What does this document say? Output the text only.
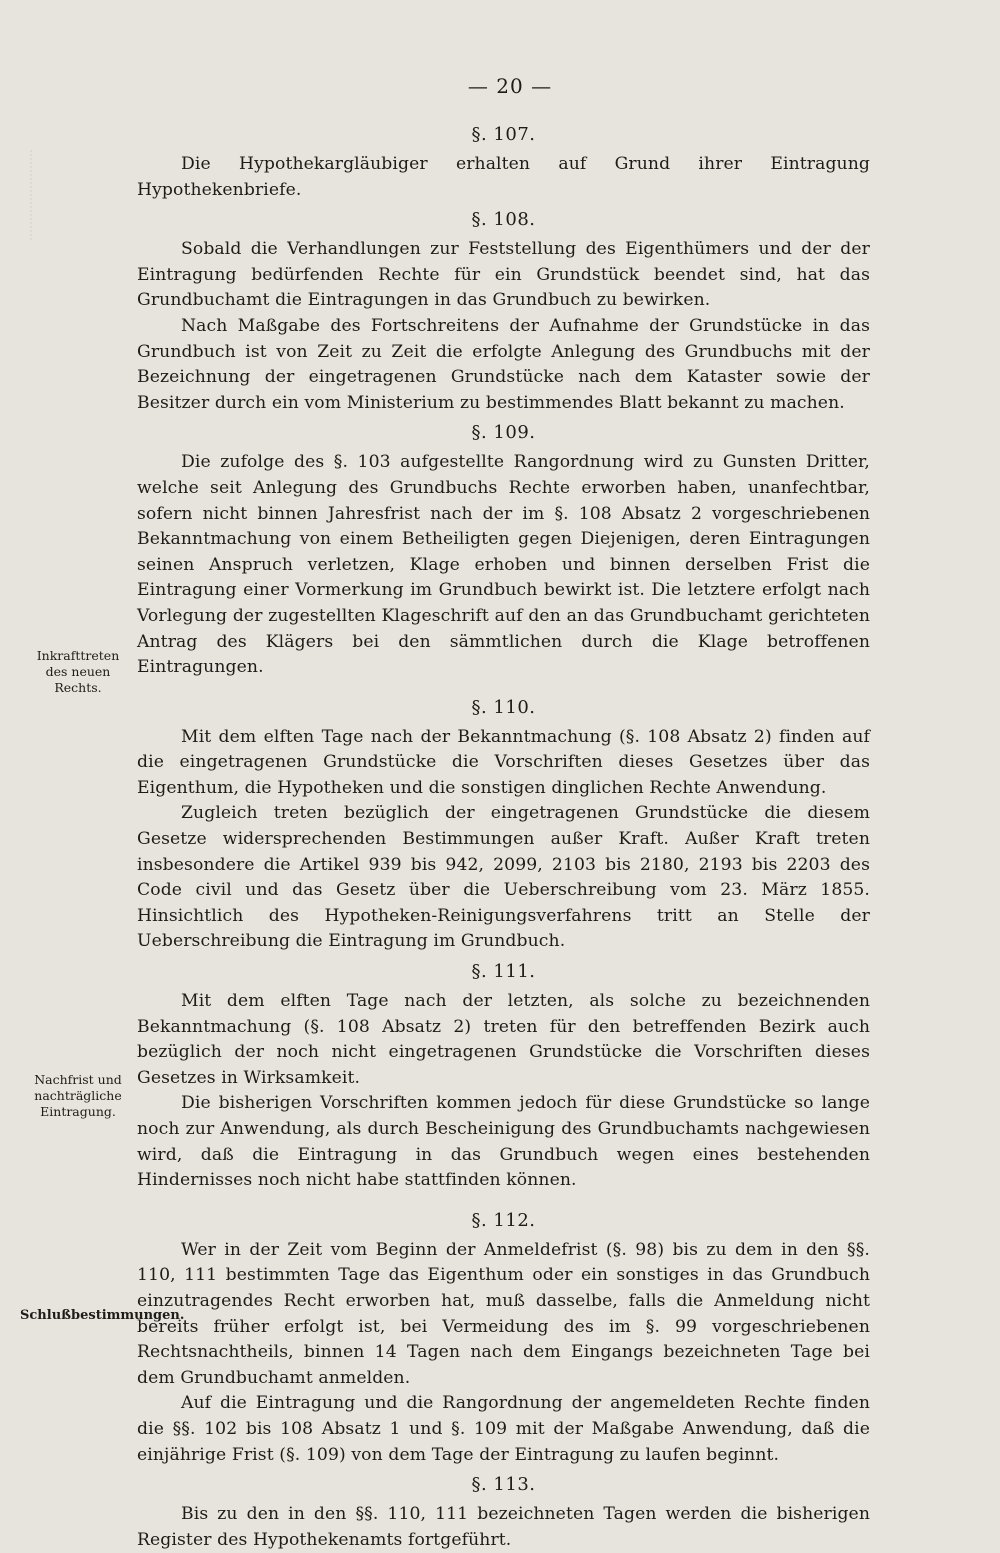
— 20 —
Inkrafttreten des neuen Rechts.
Nachfrist und nachträgliche Eintragung.
Schlußbestimmungen.
§. 107.

Die Hypothekargläubiger erhalten auf Grund ihrer Eintragung Hypothekenbriefe.

§. 108.

Sobald die Verhandlungen zur Feststellung des Eigenthümers und der der Eintragung bedürfenden Rechte für ein Grundstück beendet sind, hat das Grundbuchamt die Eintragungen in das Grundbuch zu bewirken.

Nach Maßgabe des Fortschreitens der Aufnahme der Grundstücke in das Grundbuch ist von Zeit zu Zeit die erfolgte Anlegung des Grundbuchs mit der Bezeichnung der eingetragenen Grundstücke nach dem Kataster sowie der Besitzer durch ein vom Ministerium zu bestimmendes Blatt bekannt zu machen.

§. 109.

Die zufolge des §. 103 aufgestellte Rangordnung wird zu Gunsten Dritter, welche seit Anlegung des Grundbuchs Rechte erworben haben, unanfechtbar, sofern nicht binnen Jahresfrist nach der im §. 108 Absatz 2 vorgeschriebenen Bekanntmachung von einem Betheiligten gegen Diejenigen, deren Eintragungen seinen Anspruch verletzen, Klage erhoben und binnen derselben Frist die Eintragung einer Vormerkung im Grundbuch bewirkt ist. Die letztere erfolgt nach Vorlegung der zugestellten Klageschrift auf den an das Grundbuchamt gerichteten Antrag des Klägers bei den sämmtlichen durch die Klage betroffenen Eintragungen.

§. 110.

Mit dem elften Tage nach der Bekanntmachung (§. 108 Absatz 2) finden auf die eingetragenen Grundstücke die Vorschriften dieses Gesetzes über das Eigenthum, die Hypotheken und die sonstigen dinglichen Rechte Anwendung.

Zugleich treten bezüglich der eingetragenen Grundstücke die diesem Gesetze widersprechenden Bestimmungen außer Kraft. Außer Kraft treten insbesondere die Artikel 939 bis 942, 2099, 2103 bis 2180, 2193 bis 2203 des Code civil und das Gesetz über die Ueberschreibung vom 23. März 1855. Hinsichtlich des Hypotheken-Reinigungsverfahrens tritt an Stelle der Ueberschreibung die Eintragung im Grundbuch.

§. 111.

Mit dem elften Tage nach der letzten, als solche zu bezeichnenden Bekanntmachung (§. 108 Absatz 2) treten für den betreffenden Bezirk auch bezüglich der noch nicht eingetragenen Grundstücke die Vorschriften dieses Gesetzes in Wirksamkeit.

Die bisherigen Vorschriften kommen jedoch für diese Grundstücke so lange noch zur Anwendung, als durch Bescheinigung des Grundbuchamts nachgewiesen wird, daß die Eintragung in das Grundbuch wegen eines bestehenden Hindernisses noch nicht habe stattfinden können.

§. 112.

Wer in der Zeit vom Beginn der Anmeldefrist (§. 98) bis zu dem in den §§. 110, 111 bestimmten Tage das Eigenthum oder ein sonstiges in das Grundbuch einzutragendes Recht erworben hat, muß dasselbe, falls die Anmeldung nicht bereits früher erfolgt ist, bei Vermeidung des im §. 99 vorgeschriebenen Rechtsnachtheils, binnen 14 Tagen nach dem Eingangs bezeichneten Tage bei dem Grundbuchamt anmelden.

Auf die Eintragung und die Rangordnung der angemeldeten Rechte finden die §§. 102 bis 108 Absatz 1 und §. 109 mit der Maßgabe Anwendung, daß die einjährige Frist (§. 109) von dem Tage der Eintragung zu laufen beginnt.

§. 113.

Bis zu den in den §§. 110, 111 bezeichneten Tagen werden die bisherigen Register des Hypothekenamts fortgeführt.
